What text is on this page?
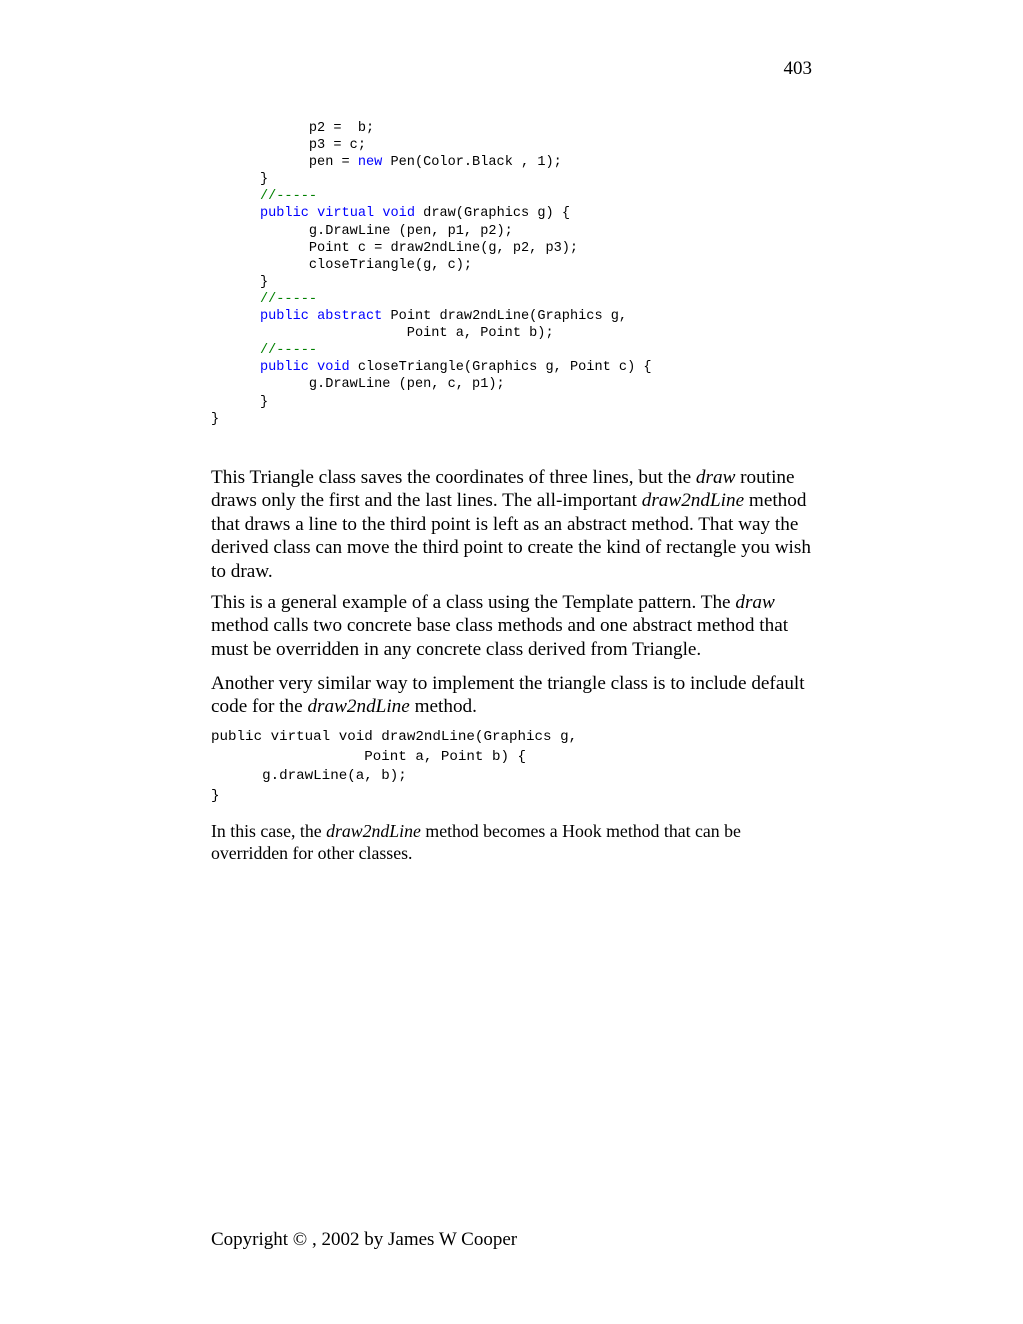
403
p2 =  b;
p3 = c;
pen = new Pen(Color.Black , 1);
}
//-----
public virtual void draw(Graphics g) {
g.DrawLine (pen, p1, p2);
Point c = draw2ndLine(g, p2, p3);
closeTriangle(g, c);
}
//-----
public abstract Point draw2ndLine(Graphics g,
Point a, Point b);
//-----
public void closeTriangle(Graphics g, Point c) {
g.DrawLine (pen, c, p1);
}
}

This Triangle class saves the coordinates of three lines, but the draw routine draws only the first and the last lines. The all-important draw2ndLine method that draws a line to the third point is left as an abstract method. That way the derived class can move the third point to create the kind of rectangle you wish to draw.

This is a general example of a class using the Template pattern. The draw method calls two concrete base class methods and one abstract method that must be overridden in any concrete class derived from Triangle.

Another very similar way to implement the triangle class is to include default code for the draw2ndLine method.

public virtual void draw2ndLine(Graphics g,
Point a, Point b) {
g.drawLine(a, b);
}

In this case, the draw2ndLine method becomes a Hook method that can be overridden for other classes.

Copyright © , 2002 by James W Cooper
